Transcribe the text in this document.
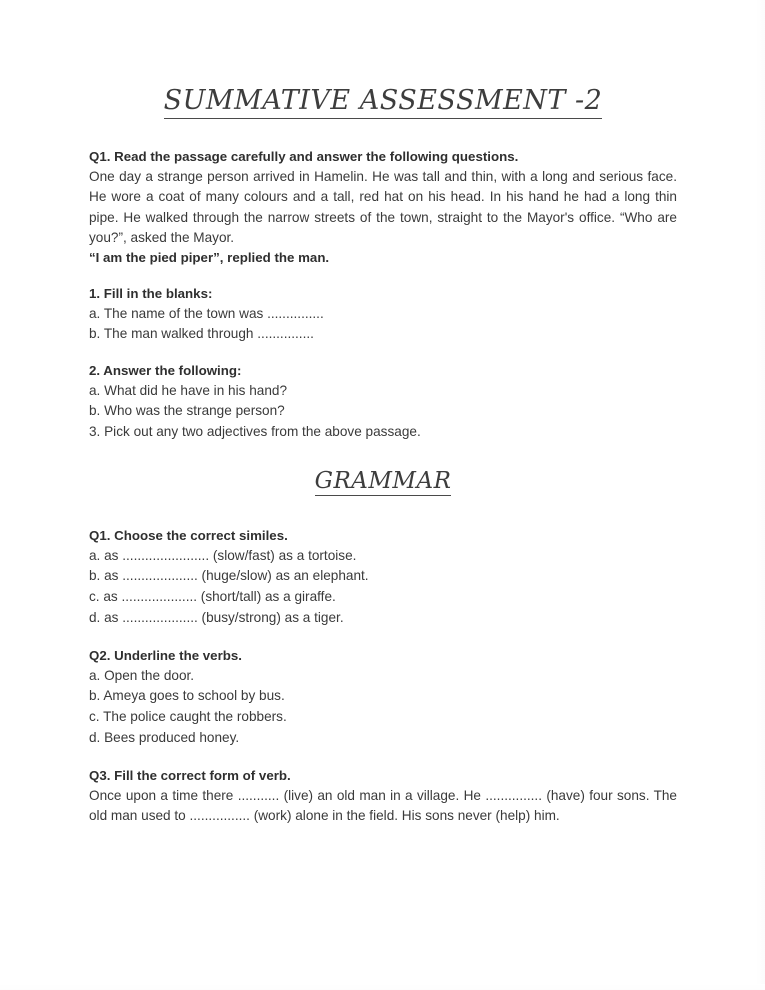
SUMMATIVE ASSESSMENT -2

Q1. Read the passage carefully and answer the following questions.

One day a strange person arrived in Hamelin. He was tall and thin, with a long and serious face. He wore a coat of many colours and a tall, red hat on his head. In his hand he had a long thin pipe. He walked through the narrow streets of the town, straight to the Mayor's office. “Who are you?”, asked the Mayor.

“I am the pied piper”, replied the man.

1. Fill in the blanks:

a. The name of the town was ...............

b. The man walked through ...............

2. Answer the following:

a. What did he have in his hand?

b. Who was the strange person?

3. Pick out any two adjectives from the above passage.

GRAMMAR

Q1. Choose the correct similes.

a. as ....................... (slow/fast) as a tortoise.

b. as .................... (huge/slow) as an elephant.

c. as .................... (short/tall) as a giraffe.

d. as .................... (busy/strong) as a tiger.

Q2. Underline the verbs.

a. Open the door.

b. Ameya goes to school by bus.

c. The police caught the robbers.

d. Bees produced honey.

Q3. Fill the correct form of verb.

Once upon a time there ........... (live) an old man in a village. He ............... (have) four sons. The old man used to ................ (work) alone in the field. His sons never (help) him.
